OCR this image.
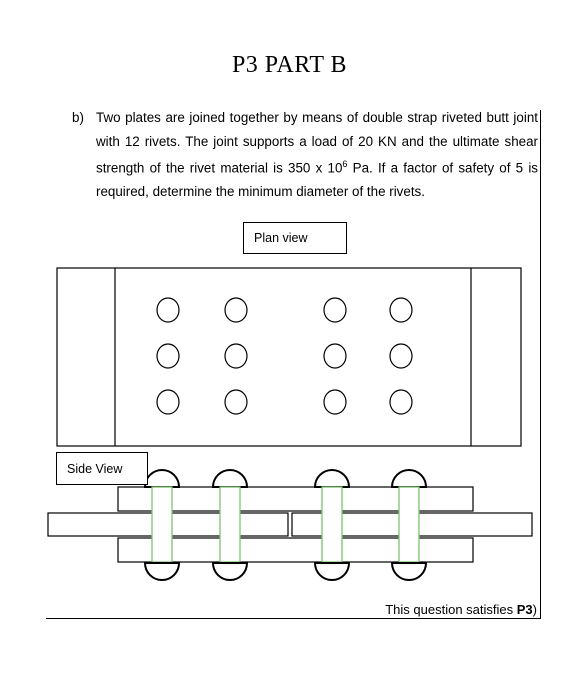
P3 PART B
b) Two plates are joined together by means of double strap riveted butt joint with 12 rivets. The joint supports a load of 20 KN and the ultimate shear strength of the rivet material is 350 x $10^6$ Pa. If a factor of safety of 5 is required, determine the minimum diameter of the rivets.
Plan view
Side View
This question satisfies P3)
